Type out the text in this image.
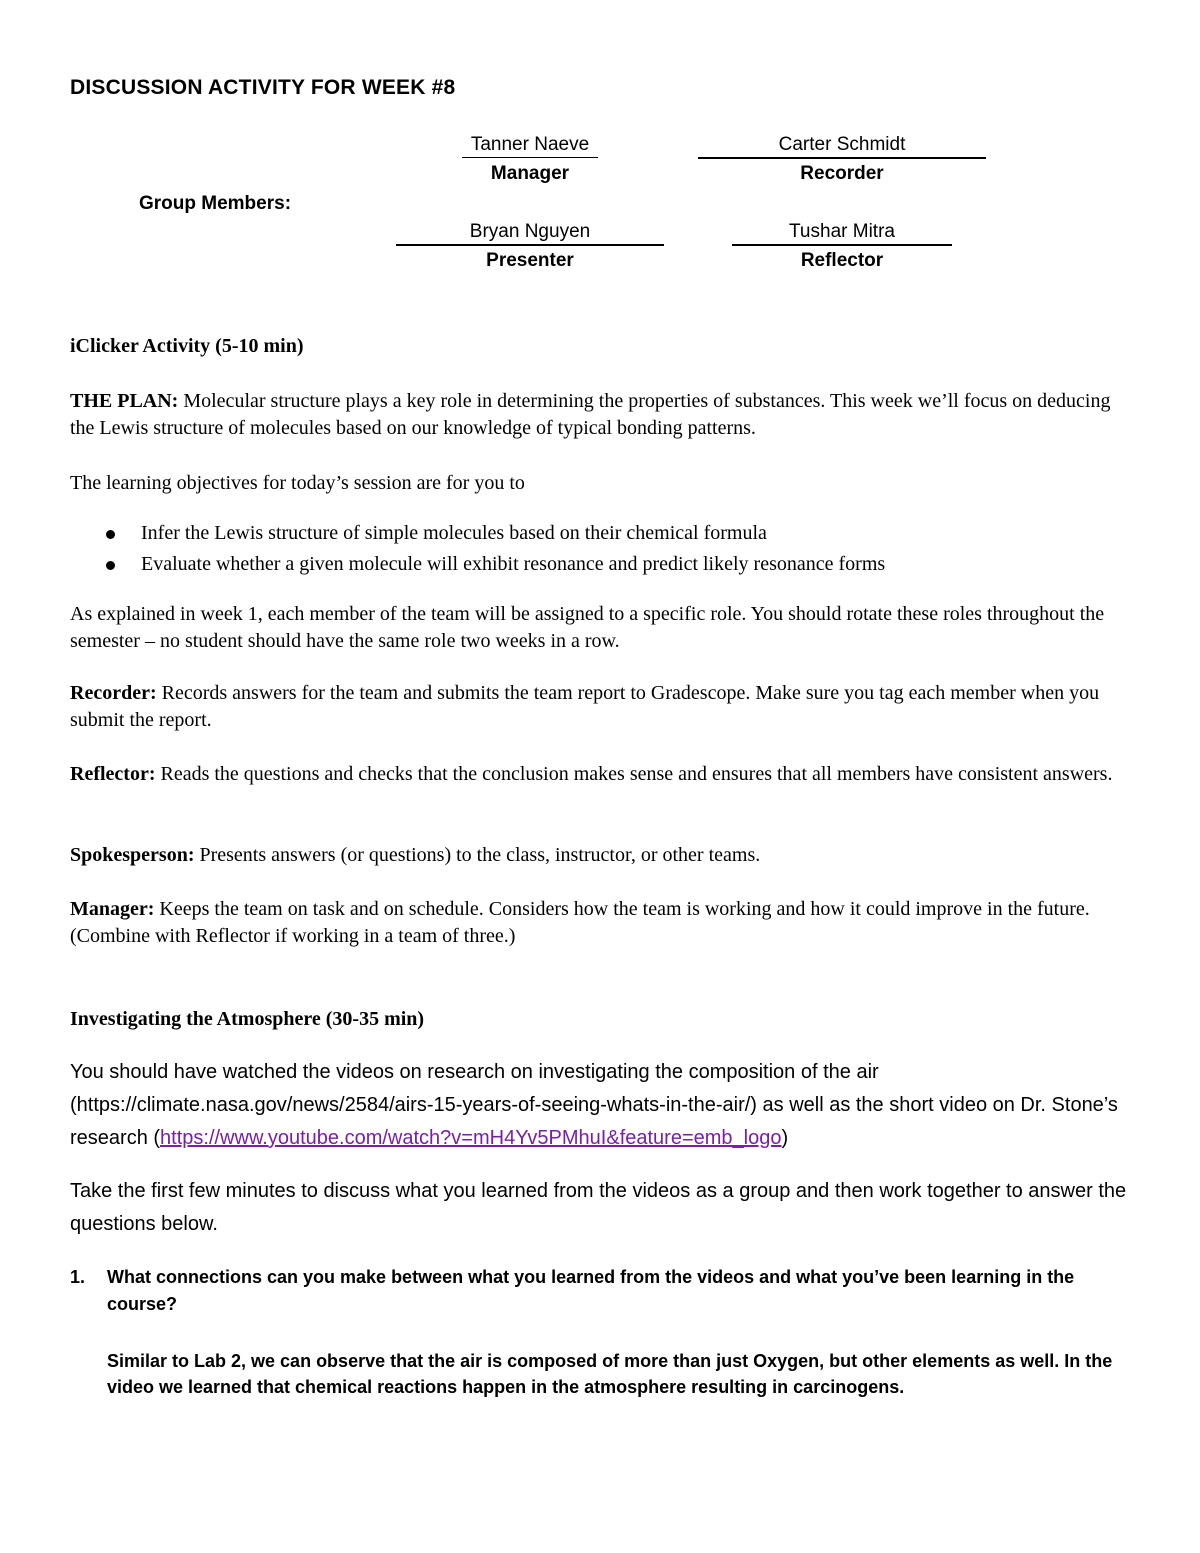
DISCUSSION ACTIVITY FOR WEEK #8
Tanner Naeve
Manager
Carter Schmidt
Recorder
Group Members:
Bryan Nguyen
Presenter
Tushar Mitra
Reflector
iClicker Activity (5-10 min)
THE PLAN: Molecular structure plays a key role in determining the properties of substances. This week we’ll focus on deducing the Lewis structure of molecules based on our knowledge of typical bonding patterns.
The learning objectives for today’s session are for you to
Infer the Lewis structure of simple molecules based on their chemical formula
Evaluate whether a given molecule will exhibit resonance and predict likely resonance forms
As explained in week 1, each member of the team will be assigned to a specific role. You should rotate these roles throughout the semester – no student should have the same role two weeks in a row.
Recorder: Records answers for the team and submits the team report to Gradescope. Make sure you tag each member when you submit the report.
Reflector: Reads the questions and checks that the conclusion makes sense and ensures that all members have consistent answers.
Spokesperson: Presents answers (or questions) to the class, instructor, or other teams.
Manager: Keeps the team on task and on schedule. Considers how the team is working and how it could improve in the future. (Combine with Reflector if working in a team of three.)
Investigating the Atmosphere (30-35 min)
You should have watched the videos on research on investigating the composition of the air (https://climate.nasa.gov/news/2584/airs-15-years-of-seeing-whats-in-the-air/) as well as the short video on Dr. Stone’s research (https://www.youtube.com/watch?v=mH4Yv5PMhuI&feature=emb_logo)
Take the first few minutes to discuss what you learned from the videos as a group and then work together to answer the questions below.
1. What connections can you make between what you learned from the videos and what you’ve been learning in the course?
Similar to Lab 2, we can observe that the air is composed of more than just Oxygen, but other elements as well. In the video we learned that chemical reactions happen in the atmosphere resulting in carcinogens.
